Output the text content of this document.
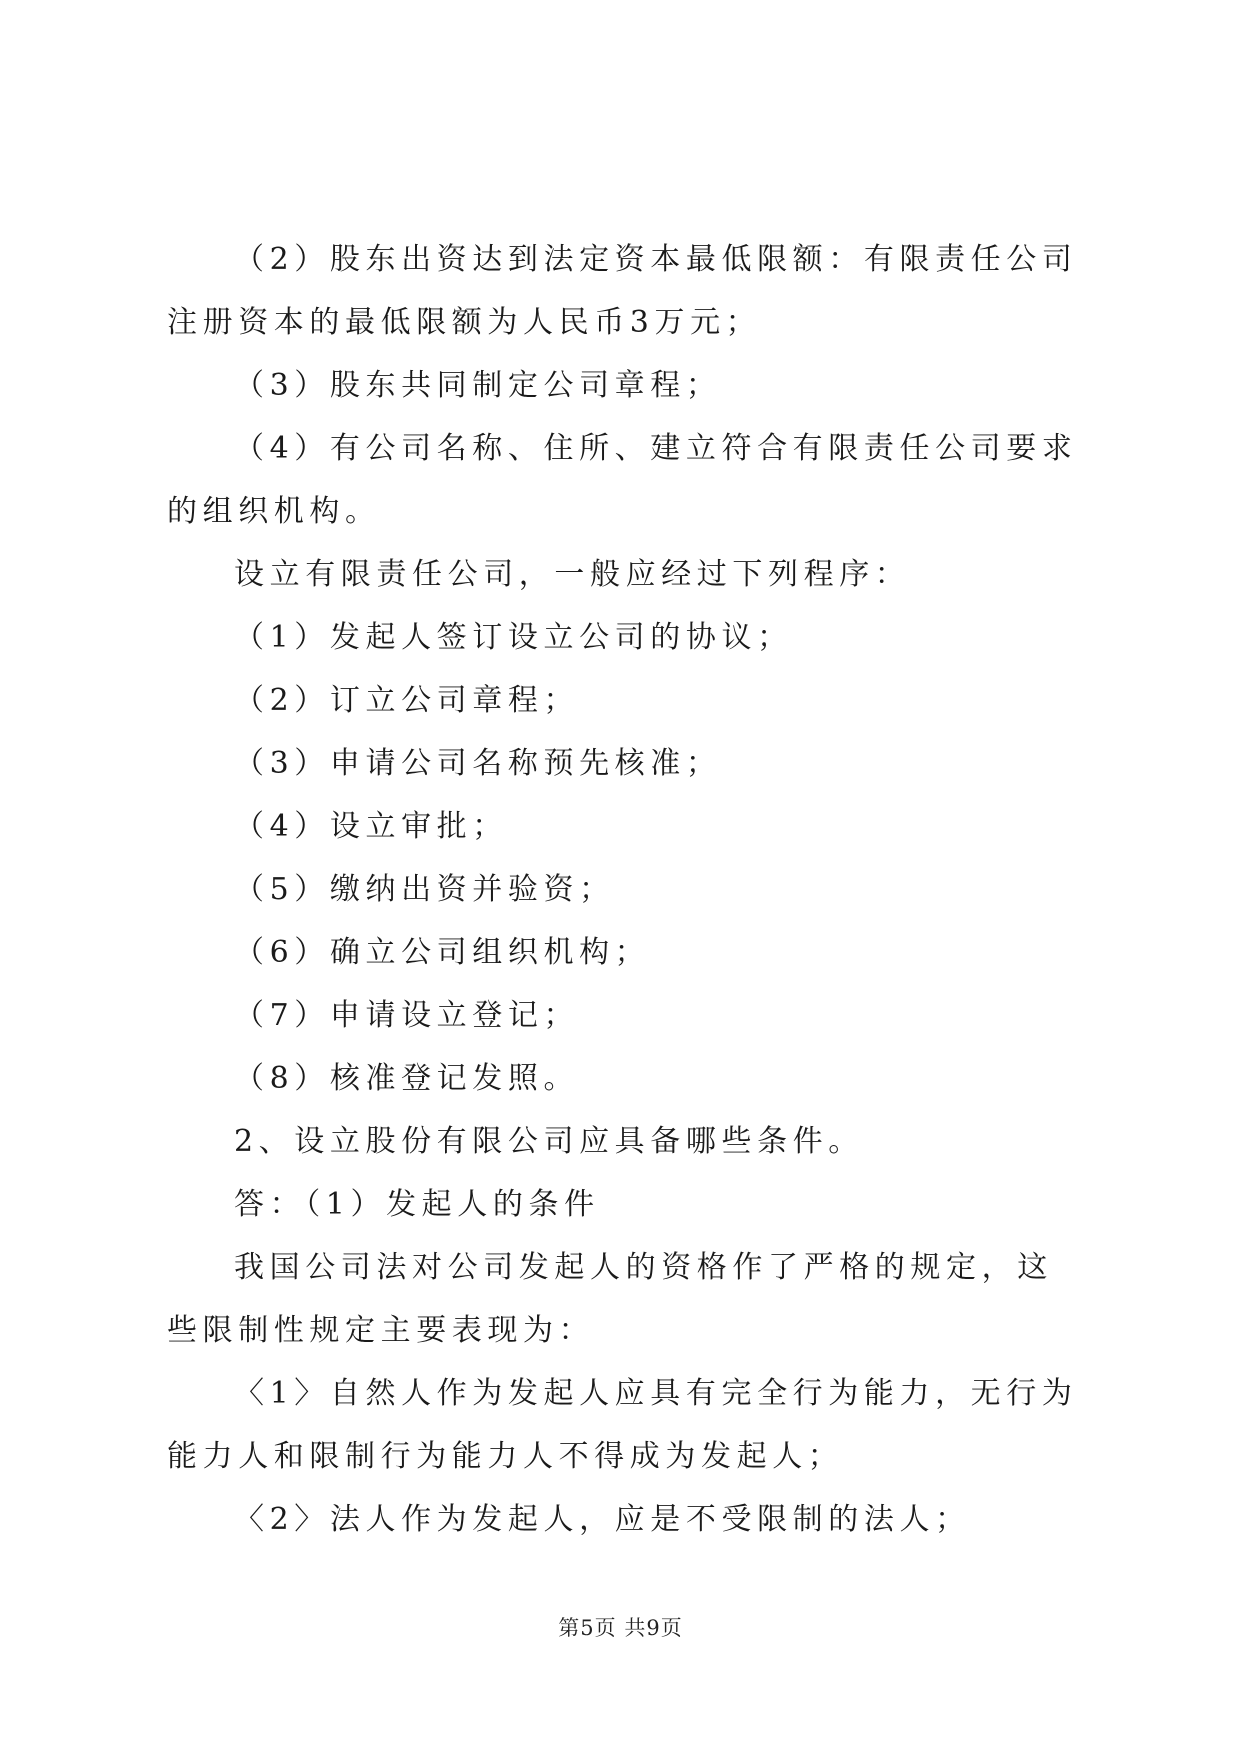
（2）股东出资达到法定资本最低限额：有限责任公司注册资本的最低限额为人民币3万元；

（3）股东共同制定公司章程；

（4）有公司名称、住所、建立符合有限责任公司要求的组织机构。

设立有限责任公司，一般应经过下列程序：

（1）发起人签订设立公司的协议；

（2）订立公司章程；

（3）申请公司名称预先核准；

（4）设立审批；

（5）缴纳出资并验资；

（6）确立公司组织机构；

（7）申请设立登记；

（8）核准登记发照。

2、设立股份有限公司应具备哪些条件。

答：（1）发起人的条件

我国公司法对公司发起人的资格作了严格的规定，这些限制性规定主要表现为：

〈1〉自然人作为发起人应具有完全行为能力，无行为能力人和限制行为能力人不得成为发起人；

〈2〉法人作为发起人，应是不受限制的法人；

第5页 共9页
